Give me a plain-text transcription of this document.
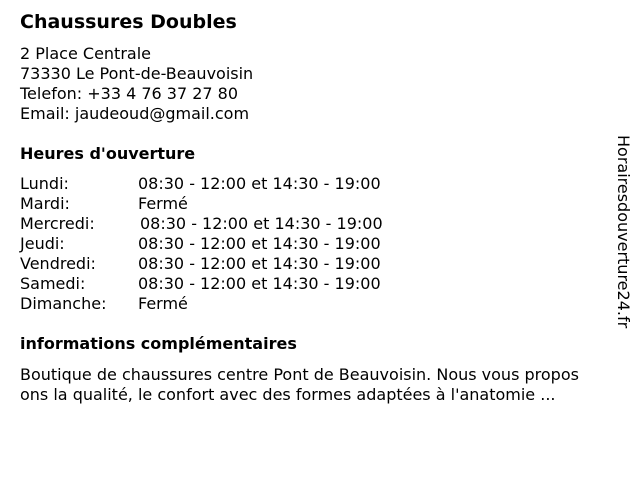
Chaussures Doubles
2 Place Centrale
73330 Le Pont-de-Beauvoisin
Telefon: +33 4 76 37 27 80
Email: jaudeoud@gmail.com
Heures d'ouverture
Lundi:	08:30 - 12:00 et 14:30 - 19:00
Mardi:	Fermé
Mercredi:	08:30 - 12:00 et 14:30 - 19:00
Jeudi:	08:30 - 12:00 et 14:30 - 19:00
Vendredi:	08:30 - 12:00 et 14:30 - 19:00
Samedi:	08:30 - 12:00 et 14:30 - 19:00
Dimanche: Fermé
informations complémentaires
Boutique de chaussures centre Pont de Beauvoisin. Nous vous propos
ons la qualité, le confort avec des formes adaptées à l'anatomie ...
Horairesdouverture24.fr
